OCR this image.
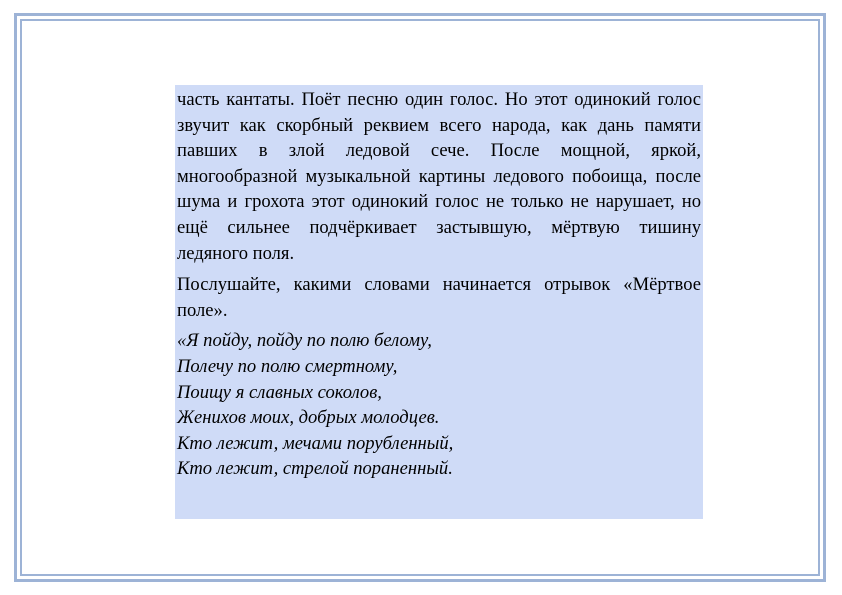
часть кантаты. Поёт песню один голос. Но этот одинокий голос звучит как скорбный реквием всего народа, как дань памяти павших в злой ледовой сече. После мощной, яркой, многообразной музыкальной картины ледового побоища, после шума и грохота этот одинокий голос не только не нарушает, но ещё сильнее подчёркивает застывшую, мёртвую тишину ледяного поля.

Послушайте, какими словами начинается отрывок «Мёртвое поле».

«Я пойду, пойду по полю белому,
Полечу по полю смертному,
Поищу я славных соколов,
Женихов моих, добрых молодцев.
Кто лежит, мечами порубленный,
Кто лежит, стрелой пораненный.
